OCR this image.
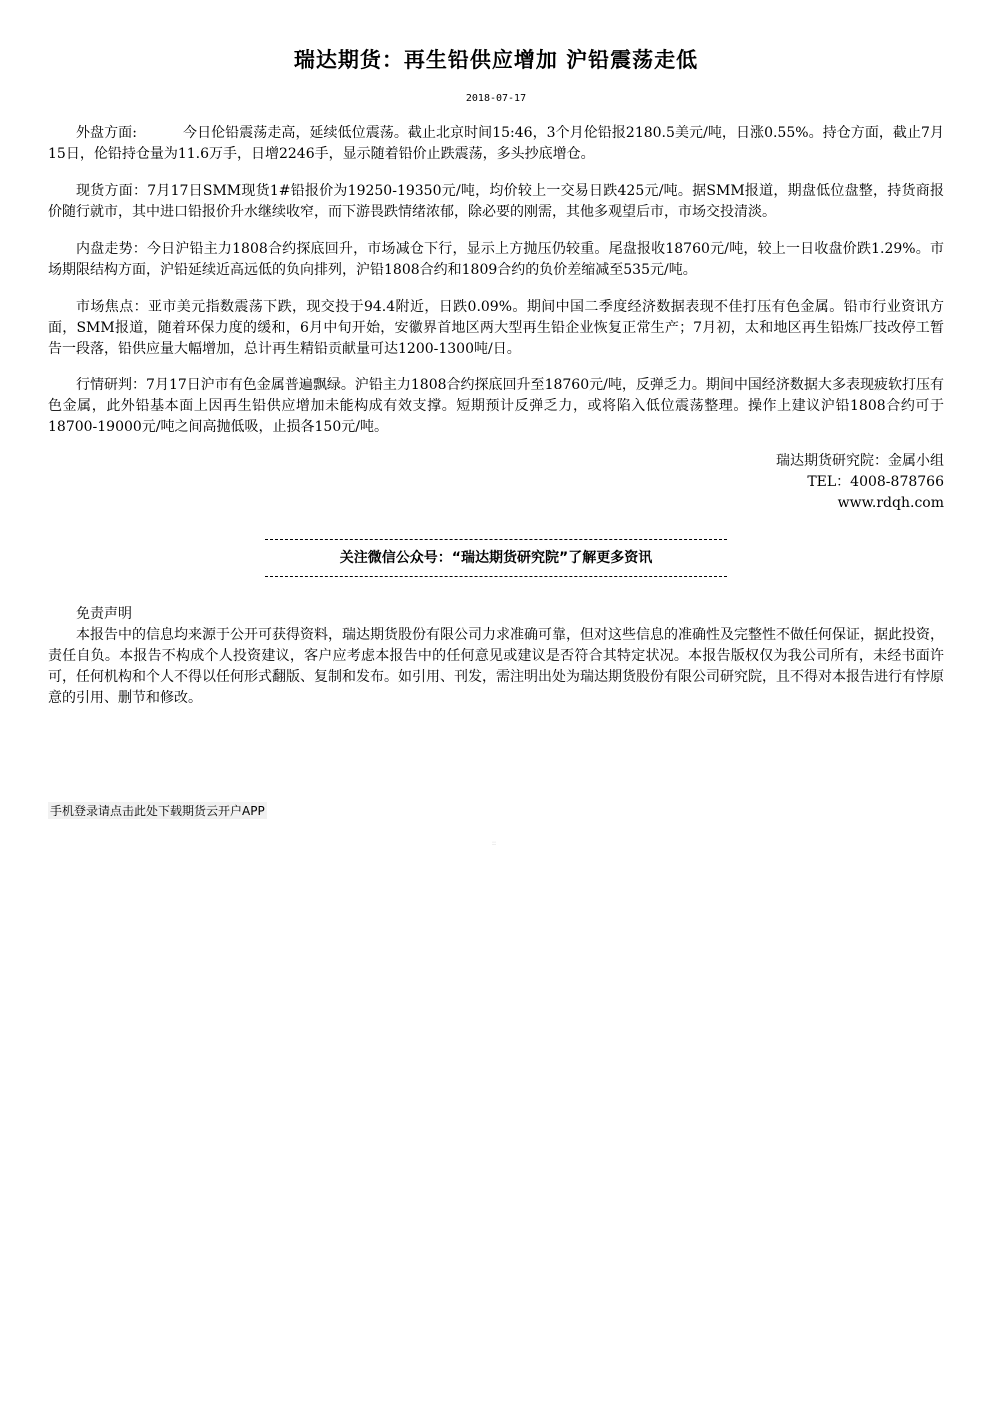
瑞达期货：再生铅供应增加 沪铅震荡走低
2018-07-17

外盘方面:	今日伦铅震荡走高，延续低位震荡。截止北京时间15:46，3个月伦铅报2180.5美元/吨，日涨0.55%。持仓方面，截止7月15日，伦铅持仓量为11.6万手，日增2246手，显示随着铅价止跌震荡，多头抄底增仓。

现货方面：7月17日SMM现货1#铅报价为19250-19350元/吨，均价较上一交易日跌425元/吨。据SMM报道，期盘低位盘整，持货商报价随行就市，其中进口铅报价升水继续收窄，而下游畏跌情绪浓郁，除必要的刚需，其他多观望后市，市场交投清淡。

内盘走势：今日沪铅主力1808合约探底回升，市场减仓下行，显示上方抛压仍较重。尾盘报收18760元/吨，较上一日收盘价跌1.29%。市场期限结构方面，沪铅延续近高远低的负向排列，沪铅1808合约和1809合约的负价差缩减至535元/吨。

市场焦点：亚市美元指数震荡下跌，现交投于94.4附近，日跌0.09%。期间中国二季度经济数据表现不佳打压有色金属。铅市行业资讯方面，SMM报道，随着环保力度的缓和，6月中旬开始，安徽界首地区两大型再生铅企业恢复正常生产；7月初，太和地区再生铅炼厂技改停工暂告一段落，铅供应量大幅增加，总计再生精铅贡献量可达1200-1300吨/日。

行情研判：7月17日沪市有色金属普遍飘绿。沪铅主力1808合约探底回升至18760元/吨，反弹乏力。期间中国经济数据大多表现疲软打压有色金属，此外铅基本面上因再生铅供应增加未能构成有效支撑。短期预计反弹乏力，或将陷入低位震荡整理。操作上建议沪铅1808合约可于18700-19000元/吨之间高抛低吸，止损各150元/吨。

瑞达期货研究院：金属小组
TEL：4008-878766
www.rdqh.com
关注微信公众号：“瑞达期货研究院”了解更多资讯
免责声明

本报告中的信息均来源于公开可获得资料，瑞达期货股份有限公司力求准确可靠，但对这些信息的准确性及完整性不做任何保证，据此投资，责任自负。本报告不构成个人投资建议，客户应考虑本报告中的任何意见或建议是否符合其特定状况。本报告版权仅为我公司所有，未经书面许可，任何机构和个人不得以任何形式翻版、复制和发布。如引用、刊发，需注明出处为瑞达期货股份有限公司研究院，且不得对本报告进行有悖原意的引用、删节和修改。

手机登录请点击此处下载期货云开户APP
::
